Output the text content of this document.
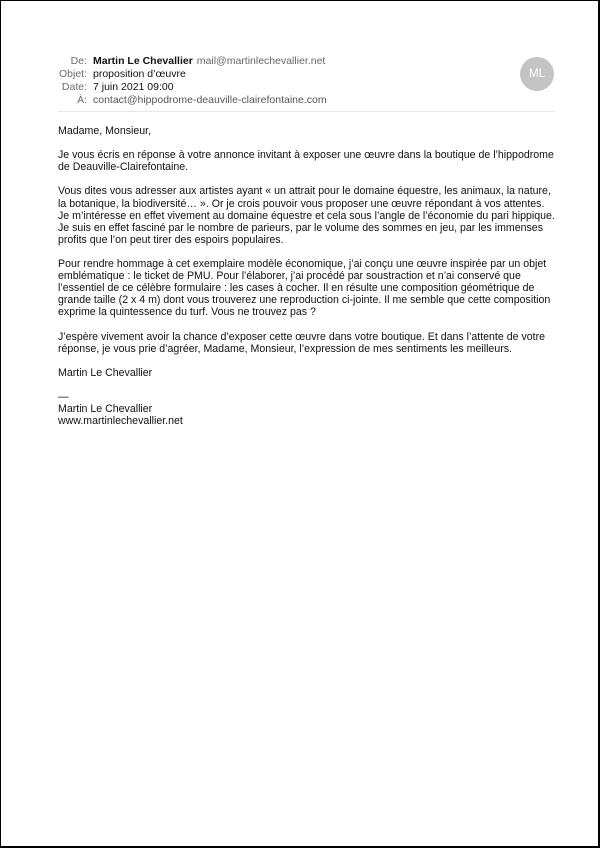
De: Martin Le Chevallier mail@martinlechevallier.net
Objet: proposition d’œuvre
Date: 7 juin 2021 09:00
À: contact@hippodrome-deauville-clairefontaine.com
ML

Madame, Monsieur,

Je vous écris en réponse à votre annonce invitant à exposer une œuvre dans la boutique de l’hippodrome
de Deauville-Clairefontaine.

Vous dites vous adresser aux artistes ayant « un attrait pour le domaine équestre, les animaux, la nature,
la botanique, la biodiversité… ». Or je crois pouvoir vous proposer une œuvre répondant à vos attentes.
Je m’intéresse en effet vivement au domaine équestre et cela sous l’angle de l’économie du pari hippique.
Je suis en effet fasciné par le nombre de parieurs, par le volume des sommes en jeu, par les immenses
profits que l’on peut tirer des espoirs populaires.

Pour rendre hommage à cet exemplaire modèle économique, j’ai conçu une œuvre inspirée par un objet
emblématique : le ticket de PMU. Pour l’élaborer, j’ai procédé par soustraction et n’ai conservé que
l’essentiel de ce célèbre formulaire : les cases à cocher. Il en résulte une composition géométrique de
grande taille (2 x 4 m) dont vous trouverez une reproduction ci-jointe. Il me semble que cette composition
exprime la quintessence du turf. Vous ne trouvez pas ?

J’espère vivement avoir la chance d’exposer cette œuvre dans votre boutique. Et dans l’attente de votre
réponse, je vous prie d’agréer, Madame, Monsieur, l’expression de mes sentiments les meilleurs.

Martin Le Chevallier

—

Martin Le Chevallier

www.martinlechevallier.net
